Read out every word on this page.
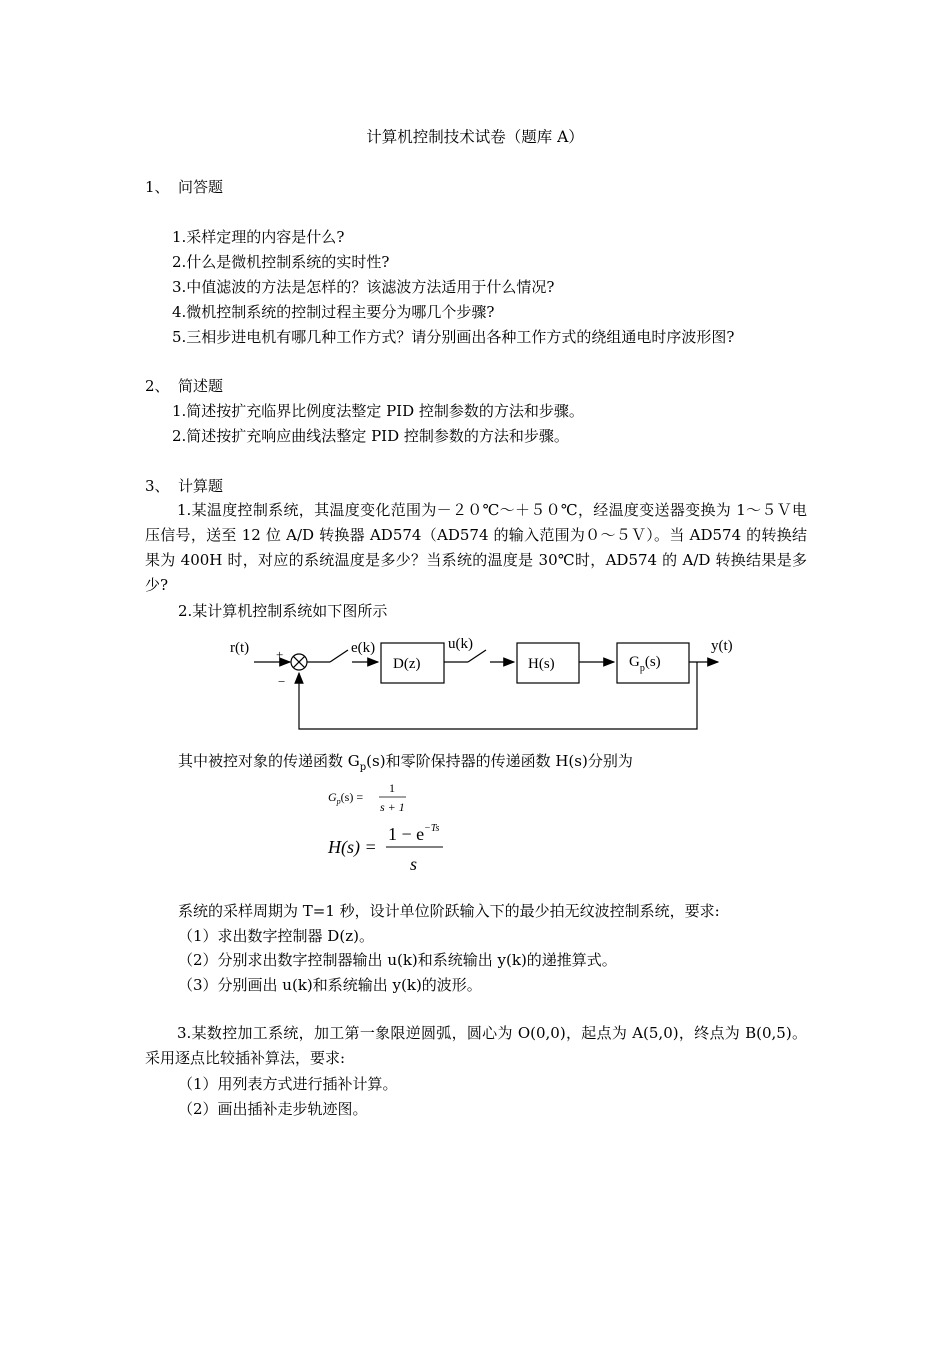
计算机控制技术试卷（题库 A）
1、 问答题
1.采样定理的内容是什么?
2.什么是微机控制系统的实时性?
3.中值滤波的方法是怎样的？该滤波方法适用于什么情况?
4.微机控制系统的控制过程主要分为哪几个步骤?
5.三相步进电机有哪几种工作方式？请分别画出各种工作方式的绕组通电时序波形图?
2、 简述题
1.简述按扩充临界比例度法整定 PID 控制参数的方法和步骤。
2.简述按扩充响应曲线法整定 PID 控制参数的方法和步骤。
3、 计算题
1.某温度控制系统，其温度变化范围为－２０℃～＋５０℃，经温度变送器变换为 1～５Ｖ电压信号，送至 12 位 A/D 转换器 AD574（AD574 的输入范围为０～５Ｖ）。当 AD574 的转换结果为 400H 时，对应的系统温度是多少？当系统的温度是 30℃时，AD574 的 A/D 转换结果是多少?
2.某计算机控制系统如下图所示
r(t) +
−
e(k)
D(z)
u(k)
H(s)	$G_p(s)$
y(t)
其中被控对象的传递函数 $G_p(s)$和零阶保持器的传递函数 H(s)分别为
$G_p(s)$ =
1
s + 1
H(s) =
$1 - e^{-Ts}$
s
系统的采样周期为 T=1 秒，设计单位阶跃输入下的最少拍无纹波控制系统，要求:
（1）求出数字控制器 D(z)。
（2）分别求出数字控制器输出 u(k)和系统输出 y(k)的递推算式。
（3）分别画出 u(k)和系统输出 y(k)的波形。
3.某数控加工系统，加工第一象限逆圆弧，圆心为 O(0,0)，起点为 A(5,0)，终点为 B(0,5)。采用逐点比较插补算法，要求:
（1）用列表方式进行插补计算。
（2）画出插补走步轨迹图。
